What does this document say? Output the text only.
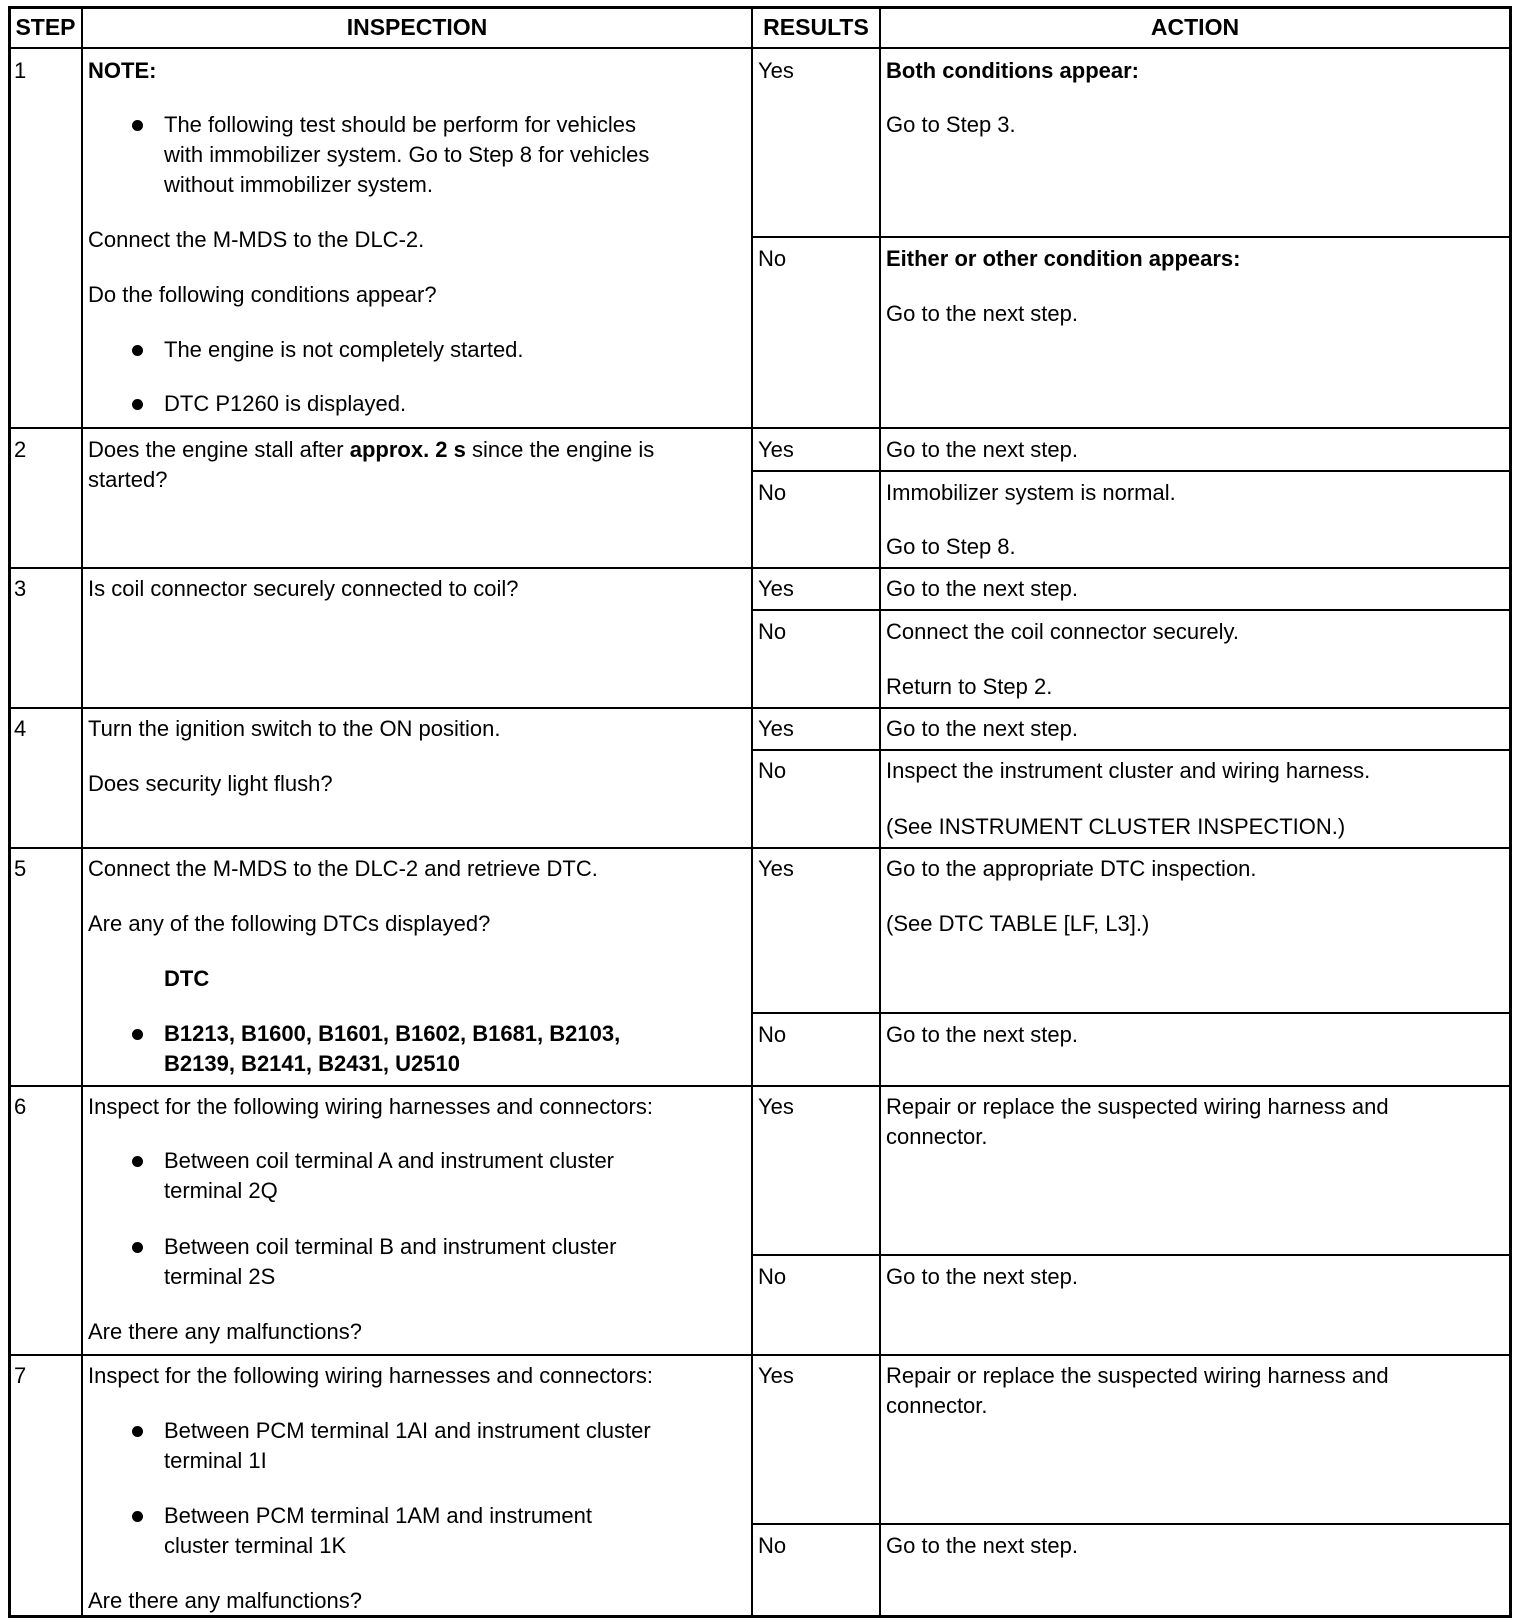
STEP	INSPECTION	RESULTS	ACTION
1	NOTE:
The following test should be perform for vehicles
with immobilizer system. Go to Step 8 for vehicles
without immobilizer system.
Connect the M-MDS to the DLC-2.
Do the following conditions appear?
The engine is not completely started.
DTC P1260 is displayed.
Yes	Both conditions appear:
Go to Step 3.
No	Either or other condition appears:
Go to the next step.
2	Does the engine stall after approx. 2 s since the engine is
started?
Yes	Go to the next step.
No	Immobilizer system is normal.
Go to Step 8.
3	Is coil connector securely connected to coil?	Yes	Go to the next step.
No	Connect the coil connector securely.
Return to Step 2.
4	Turn the ignition switch to the ON position.
Does security light flush?
Yes	Go to the next step.
No	Inspect the instrument cluster and wiring harness.
(See INSTRUMENT CLUSTER INSPECTION.)
5	Connect the M-MDS to the DLC-2 and retrieve DTC.
Are any of the following DTCs displayed?
DTC
B1213, B1600, B1601, B1602, B1681, B2103,
B2139, B2141, B2431, U2510
Yes	Go to the appropriate DTC inspection.
(See DTC TABLE [LF, L3].)
No	Go to the next step.
6	Inspect for the following wiring harnesses and connectors:
Between coil terminal A and instrument cluster
terminal 2Q
Between coil terminal B and instrument cluster
terminal 2S
Are there any malfunctions?
Yes	Repair or replace the suspected wiring harness and
connector.
No	Go to the next step.
7	Inspect for the following wiring harnesses and connectors:
Between PCM terminal 1AI and instrument cluster
terminal 1I
Between PCM terminal 1AM and instrument
cluster terminal 1K
Are there any malfunctions?
Yes	Repair or replace the suspected wiring harness and
connector.
No	Go to the next step.
